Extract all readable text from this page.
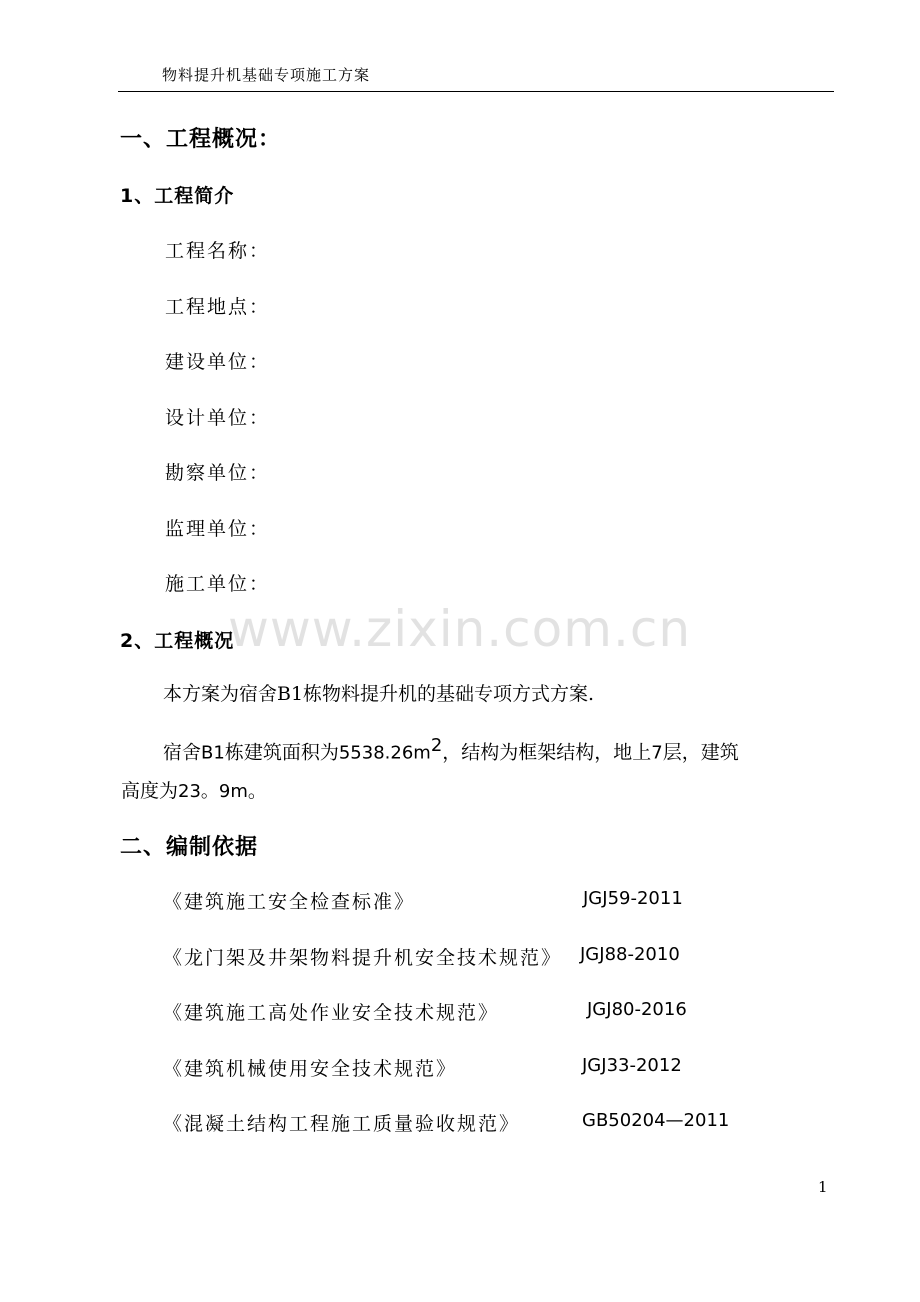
物料提升机基础专项施工方案
一、工程概况：
1、工程简介
工程名称：
工程地点：
建设单位：
设计单位：
勘察单位：
监理单位：
施工单位：
2、工程概况
本方案为宿舍B1栋物料提升机的基础专项方式方案.
宿舍B1栋建筑面积为$5538.26m^2$，结构为框架结构，地上7层，建筑
高度为23。9m。
二、编制依据
《建筑施工安全检查标准》	JGJ59-2011
《龙门架及井架物料提升机安全技术规范》 JGJ88-2010
《建筑施工高处作业安全技术规范》	JGJ80-2016
《建筑机械使用安全技术规范》	JGJ33-2012
《混凝土结构工程施工质量验收规范》	GB50204—2011
www.zixin.com.cn
1
